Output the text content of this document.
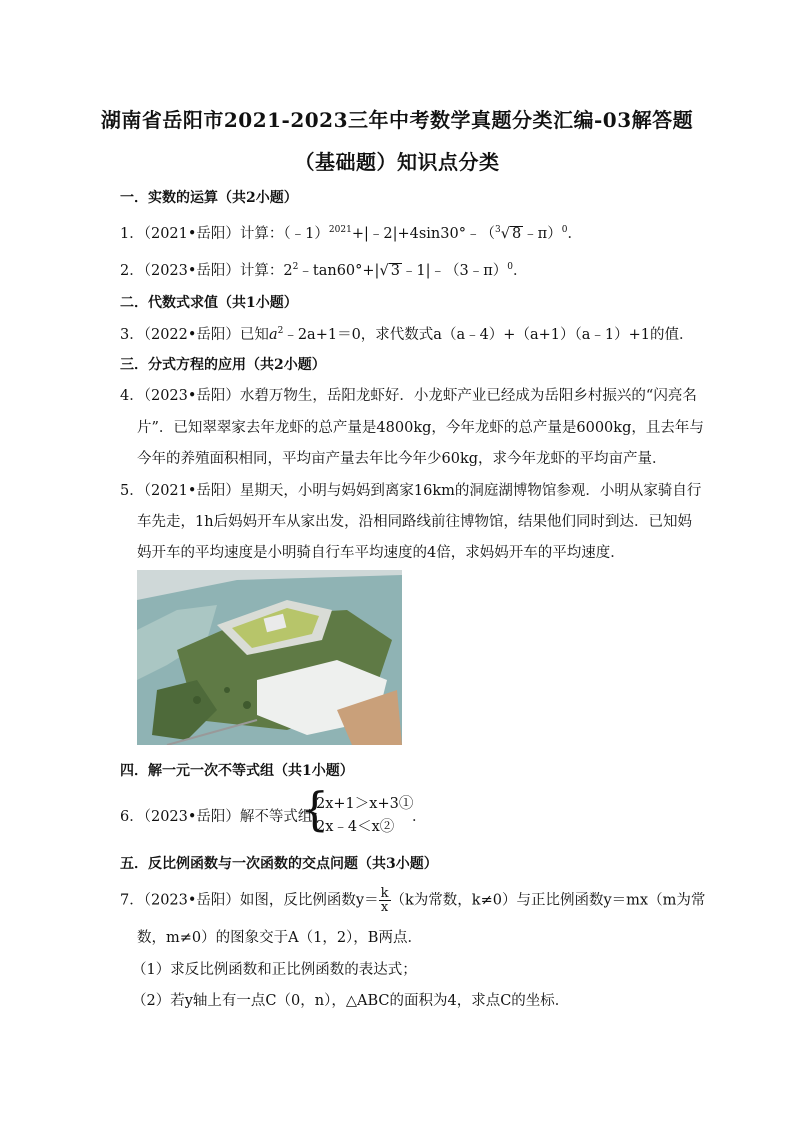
湖南省岳阳市2021-2023三年中考数学真题分类汇编-03解答题
（基础题）知识点分类
一．实数的运算（共2小题）
1．（2021•岳阳）计算：（﹣1）$^{2021}$+|﹣2|+4sin30°﹣（$^3$√ 8 ﹣π）$^0$．
2．（2023•岳阳）计算：$2^2﹣\tan 60^\circ+|√$ 3 ﹣1|﹣（3﹣π）$^0$．
二．代数式求值（共1小题）
3．（2022•岳阳）已知$a^2﹣2a+1=0$，求代数式a（a﹣4）+（a+1）（a﹣1）+1的值．
三．分式方程的应用（共2小题）
4．（2023•岳阳）水碧万物生，岳阳龙虾好．小龙虾产业已经成为岳阳乡村振兴的“闪亮名
片”．已知翠翠家去年龙虾的总产量是4800kg，今年龙虾的总产量是6000kg，且去年与
今年的养殖面积相同，平均亩产量去年比今年少60kg，求今年龙虾的平均亩产量．
5．（2021•岳阳）星期天，小明与妈妈到离家16km的洞庭湖博物馆参观．小明从家骑自行
车先走，1h后妈妈开车从家出发，沿相同路线前往博物馆，结果他们同时到达．已知妈
妈开车的平均速度是小明骑自行车平均速度的4倍，求妈妈开车的平均速度．
四．解一元一次不等式组（共1小题）
6．（2023•岳阳）解不等式组：
{
2x+1＞x+3①
2x﹣4＜x②
．
五．反比例函数与一次函数的交点问题（共3小题）
7．（2023•岳阳）如图，反比例函数$y= \frac{k}{x} (k$为常数，k≠0）与正比例函数y＝mx（m为常
数，m≠0）的图象交于A（1，2），B两点．
（1）求反比例函数和正比例函数的表达式；
（2）若y轴上有一点C（0，n），△ABC的面积为4，求点C的坐标．
